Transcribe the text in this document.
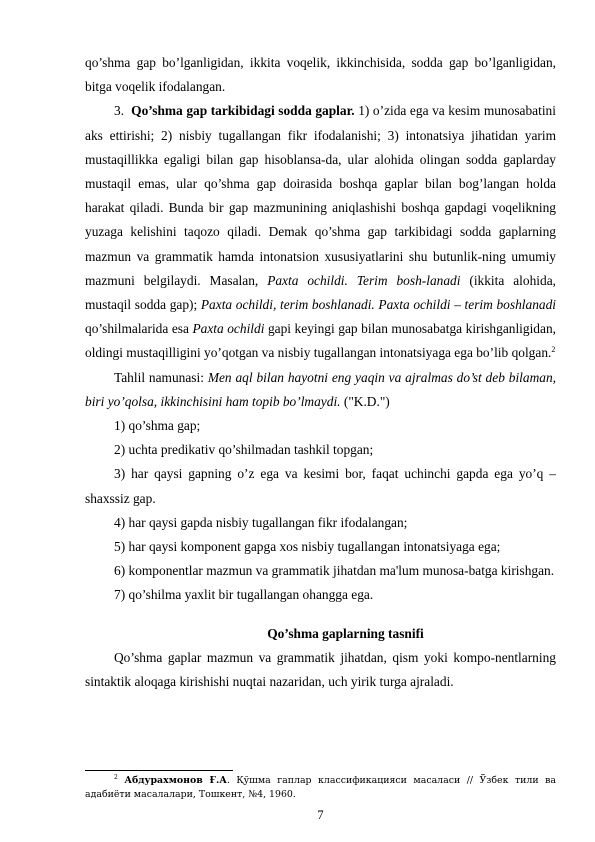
qo’shma gap bo’lganligidan, ikkita voqelik, ikkinchisida, sodda gap bo’lganligidan, bitga voqelik ifodalangan.

3. Qo’shma gap tarkibidagi sodda gaplar. 1) o’zida ega va kesim munosabatini aks ettirishi; 2) nisbiy tugallangan fikr ifodalanishi; 3) intonatsiya jihatidan yarim mustaqillikka egaligi bilan gap hisoblansa-da, ular alohida olingan sodda gaplarday mustaqil emas, ular qo’shma gap doirasida boshqa gaplar bilan bog’langan holda harakat qiladi. Bunda bir gap mazmunining aniqlashishi boshqa gapdagi voqelikning yuzaga kelishini taqozo qiladi. Demak qo’shma gap tarkibidagi sodda gaplarning mazmun va grammatik hamda intonatsion xususiyatlarini shu butunlik-ning umumiy mazmuni belgilaydi. Masalan, Paxta ochildi. Terim bosh-lanadi (ikkita alohida, mustaqil sodda gap); Paxta ochildi, terim boshlanadi. Paxta ochildi – terim boshlanadi qo’shilmalarida esa Paxta ochildi gapi keyingi gap bilan munosabatga kirishganligidan, oldingi mustaqilligini yo’qotgan va nisbiy tugallangan intonatsiyaga ega bo’lib qolgan.$^2$

Tahlil namunasi: Men aql bilan hayotni eng yaqin va ajralmas do’st deb bilaman, biri yo’qolsa, ikkinchisini ham topib bo’lmaydi. ("K.D.")

1) qo’shma gap;

2) uchta predikativ qo’shilmadan tashkil topgan;

3) har qaysi gapning o’z ega va kesimi bor, faqat uchinchi gapda ega yo’q – shaxssiz gap.

4) har qaysi gapda nisbiy tugallangan fikr ifodalangan;

5) har qaysi komponent gapga xos nisbiy tugallangan intonatsiyaga ega;

6) komponentlar mazmun va grammatik jihatdan ma'lum munosa-batga kirishgan.

7) qo’shilma yaxlit bir tugallangan ohangga ega.

Qo’shma gaplarning tasnifi

Qo’shma gaplar mazmun va grammatik jihatdan, qism yoki kompo-nentlarning sintaktik aloqaga kirishishi nuqtai nazaridan, uch yirik turga ajraladi.

$^2$ Абдурахмонов Ғ.А. Қўшма гаплар классификацияси масаласи // Ўзбек тили ва адабиёти масалалари, Тошкент, №4, 1960.
7
